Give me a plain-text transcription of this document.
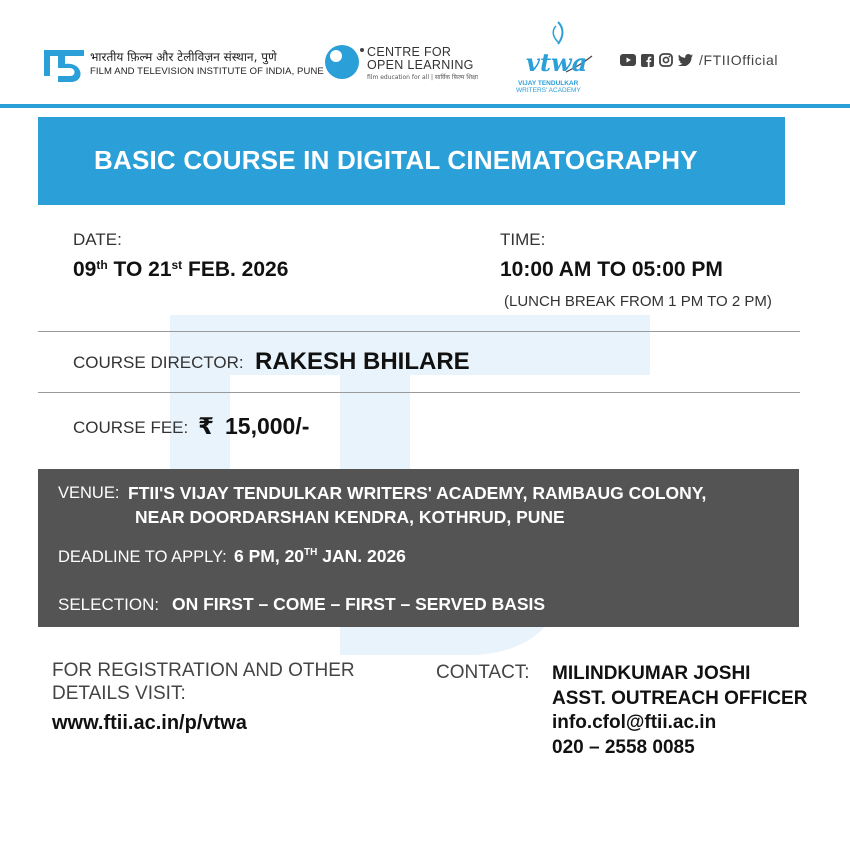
भारतीय फ़िल्म और टेलीविज़न संस्थान, पुणे
FILM AND TELEVISION INSTITUTE OF INDIA, PUNE
CENTRE FOR
OPEN LEARNING
film education for all | सार्विक फ़िल्म शिक्षा
vtwa
VIJAY TENDULKAR
WRITERS' ACADEMY
/FTIIOfficial
BASIC COURSE IN DIGITAL CINEMATOGRAPHY
DATE:
09th TO 21st FEB. 2026
TIME:
10:00 AM TO 05:00 PM
(LUNCH BREAK FROM 1 PM TO 2 PM)
COURSE DIRECTOR: RAKESH BHILARE
COURSE FEE: ₹ 15,000/-
VENUE: FTII'S VIJAY TENDULKAR WRITERS' ACADEMY, RAMBAUG COLONY,
NEAR DOORDARSHAN KENDRA, KOTHRUD, PUNE
DEADLINE TO APPLY: 6 PM, 20TH JAN. 2026
SELECTION: ON FIRST – COME – FIRST – SERVED BASIS
FOR REGISTRATION AND OTHER
DETAILS VISIT:
www.ftii.ac.in/p/vtwa
CONTACT: MILINDKUMAR JOSHI
ASST. OUTREACH OFFICER
info.cfol@ftii.ac.in
020 – 2558 0085
